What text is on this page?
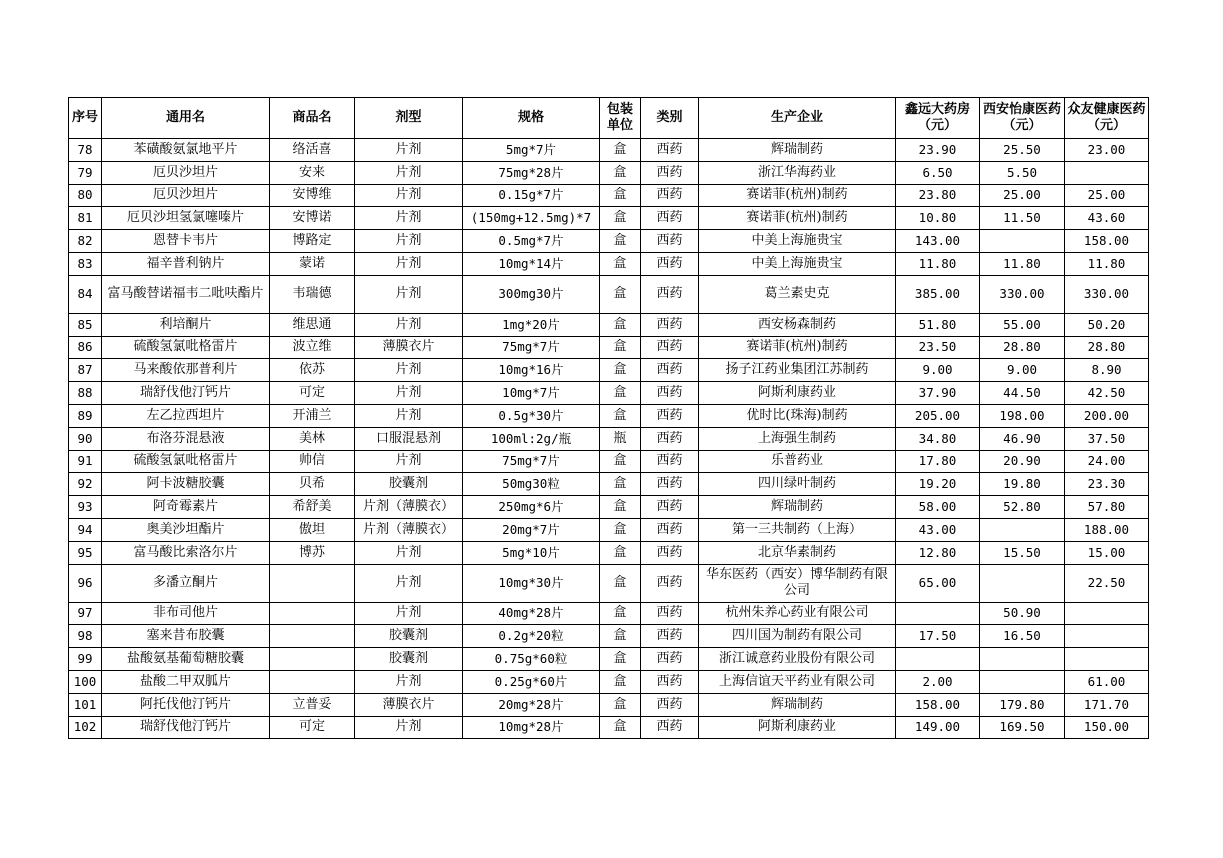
序号	通用名	商品名	剂型	规格	包装单位	类别	生产企业	鑫远大药房（元）	西安怡康医药（元）	众友健康医药（元）
78	苯磺酸氨氯地平片	络活喜	片剂	5mg*7片	盒	西药	辉瑞制药	23.90	25.50	23.00
79	厄贝沙坦片	安来	片剂	75mg*28片	盒	西药	浙江华海药业	6.50	5.50	
80	厄贝沙坦片	安博维	片剂	0.15g*7片	盒	西药	赛诺菲(杭州)制药	23.80	25.00	25.00
81	厄贝沙坦氢氯噻嗪片	安博诺	片剂	(150mg+12.5mg)*7	盒	西药	赛诺菲(杭州)制药	10.80	11.50	43.60
82	恩替卡韦片	博路定	片剂	0.5mg*7片	盒	西药	中美上海施贵宝	143.00		158.00
83	福辛普利钠片	蒙诺	片剂	10mg*14片	盒	西药	中美上海施贵宝	11.80	11.80	11.80
84	富马酸替诺福韦二吡呋酯片	韦瑞德	片剂	300mg30片	盒	西药	葛兰素史克	385.00	330.00	330.00
85	利培酮片	维思通	片剂	1mg*20片	盒	西药	西安杨森制药	51.80	55.00	50.20
86	硫酸氢氯吡格雷片	波立维	薄膜衣片	75mg*7片	盒	西药	赛诺菲(杭州)制药	23.50	28.80	28.80
87	马来酸依那普利片	依苏	片剂	10mg*16片	盒	西药	扬子江药业集团江苏制药	9.00	9.00	8.90
88	瑞舒伐他汀钙片	可定	片剂	10mg*7片	盒	西药	阿斯利康药业	37.90	44.50	42.50
89	左乙拉西坦片	开浦兰	片剂	0.5g*30片	盒	西药	优时比(珠海)制药	205.00	198.00	200.00
90	布洛芬混悬液	美林	口服混悬剂	100ml:2g/瓶	瓶	西药	上海强生制药	34.80	46.90	37.50
91	硫酸氢氯吡格雷片	帅信	片剂	75mg*7片	盒	西药	乐普药业	17.80	20.90	24.00
92	阿卡波糖胶囊	贝希	胶囊剂	50mg30粒	盒	西药	四川绿叶制药	19.20	19.80	23.30
93	阿奇霉素片	希舒美	片剂（薄膜衣）	250mg*6片	盒	西药	辉瑞制药	58.00	52.80	57.80
94	奥美沙坦酯片	傲坦	片剂（薄膜衣）	20mg*7片	盒	西药	第一三共制药（上海）	43.00		188.00
95	富马酸比索洛尔片	博苏	片剂	5mg*10片	盒	西药	北京华素制药	12.80	15.50	15.00
96	多潘立酮片		片剂	10mg*30片	盒	西药	华东医药（西安）博华制药有限公司	65.00		22.50
97	非布司他片		片剂	40mg*28片	盒	西药	杭州朱养心药业有限公司		50.90	
98	塞来昔布胶囊		胶囊剂	0.2g*20粒	盒	西药	四川国为制药有限公司	17.50	16.50	
99	盐酸氨基葡萄糖胶囊		胶囊剂	0.75g*60粒	盒	西药	浙江诚意药业股份有限公司			
100	盐酸二甲双胍片		片剂	0.25g*60片	盒	西药	上海信谊天平药业有限公司	2.00		61.00
101	阿托伐他汀钙片	立普妥	薄膜衣片	20mg*28片	盒	西药	辉瑞制药	158.00	179.80	171.70
102	瑞舒伐他汀钙片	可定	片剂	10mg*28片	盒	西药	阿斯利康药业	149.00	169.50	150.00
